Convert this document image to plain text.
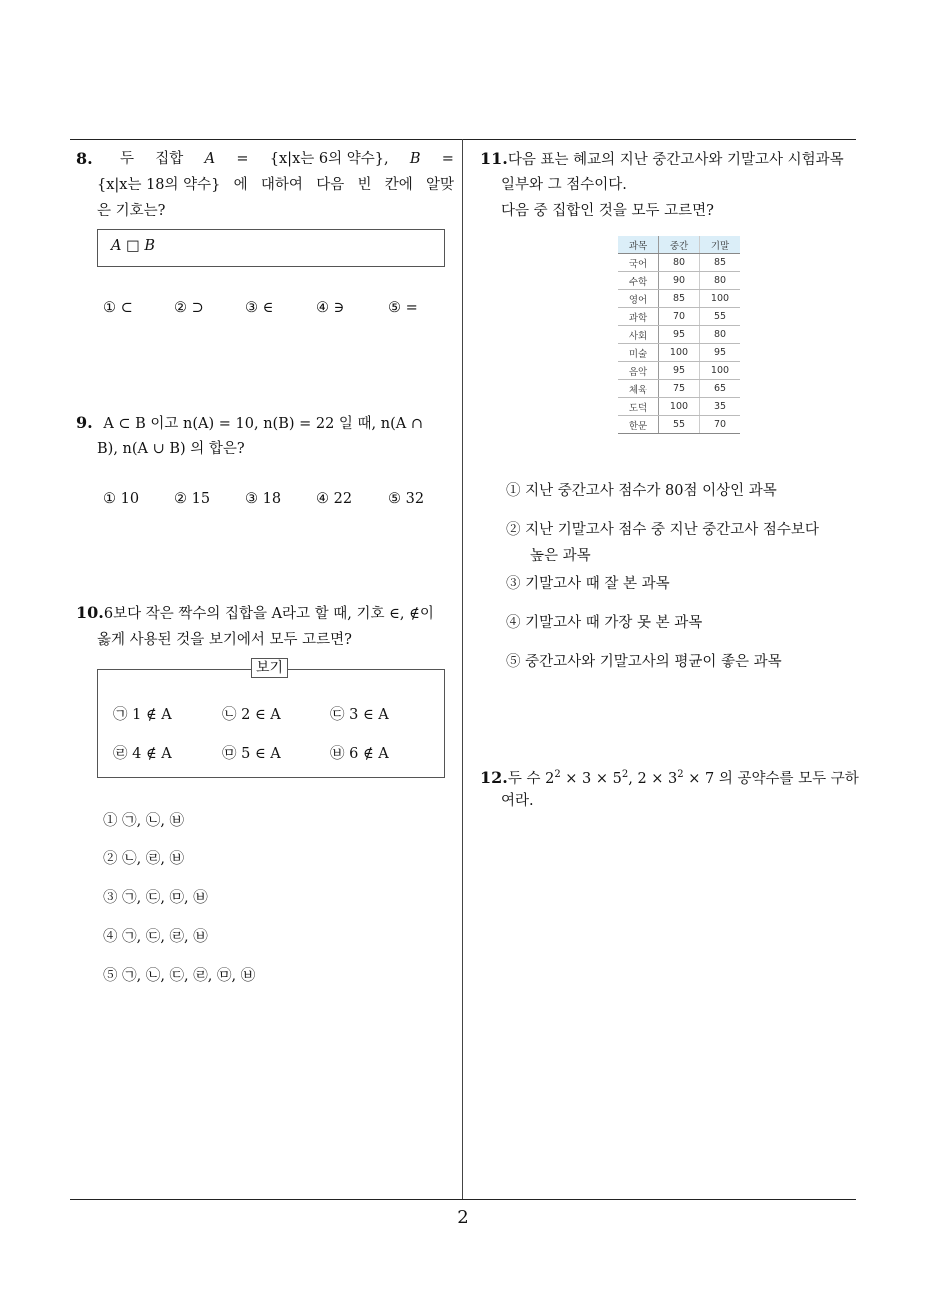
8. 두 집합 A = {x|x는 6의 약수}, B =
{x|x는 18의 약수} 에 대하여 다음 빈 칸에 알맞
은 기호는?
A □ B
① ⊂	② ⊃	③ ∈	④ ∋	⑤ =
9. A ⊂ B 이고 n(A) = 10, n(B) = 22 일 때, n(A ∩
B), n(A ∪ B) 의 합은?
① 10 ② 15 ③ 18 ④ 22 ⑤ 32
10.6보다 작은 짝수의 집합을 A라고 할 때, 기호 ∈, ∉이
옳게 사용된 것을 보기에서 모두 고르면?
㉠ 1 ∉ A	㉡ 2 ∈ A	㉢ 3 ∈ A
㉣ 4 ∉ A	㉤ 5 ∈ A	㉥ 6 ∉ A
보기
① ㉠, ㉡, ㉥
② ㉡, ㉣, ㉥
③ ㉠, ㉢, ㉤, ㉥
④ ㉠, ㉢, ㉣, ㉥
⑤ ㉠, ㉡, ㉢, ㉣, ㉤, ㉥
11.다음 표는 혜교의 지난 중간고사와 기말고사 시험과목
일부와 그 점수이다.
다음 중 집합인 것을 모두 고르면?
과목	중간	기말
국어	80	85
수학	90	80
영어	85	100
과학	70	55
사회	95	80
미술	100	95
음악	95	100
체육	75	65
도덕	100	35
한문	55	70
① 지난 중간고사 점수가 80점 이상인 과목
② 지난 기말고사 점수 중 지난 중간고사 점수보다
높은 과목
③ 기말고사 때 잘 본 과목
④ 기말고사 때 가장 못 본 과목
⑤ 중간고사와 기말고사의 평균이 좋은 과목
12.두 수 $2^2 \times 3 \times 5^2$, $2 \times 3^2 \times 7$ 의 공약수를 모두 구하
여라.
2
